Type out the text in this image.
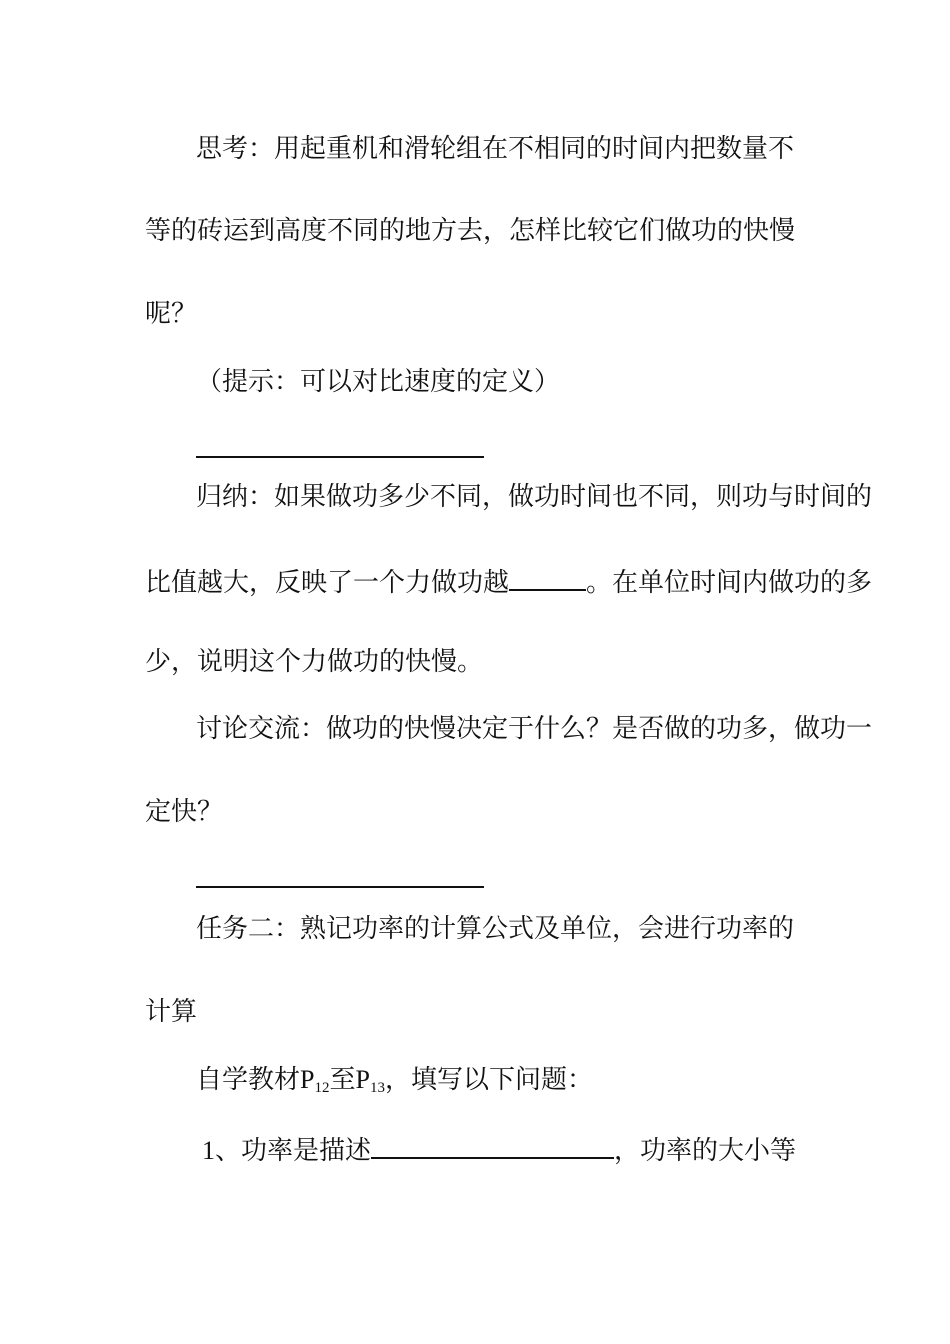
思考：用起重机和滑轮组在不相同的时间内把数量不
等的砖运到高度不同的地方去，怎样比较它们做功的快慢
呢？
（提示：可以对比速度的定义）
归纳：如果做功多少不同，做功时间也不同，则功与时间的
比值越大，反映了一个力做功越	。在单位时间内做功的多
少，说明这个力做功的快慢。
讨论交流：做功的快慢决定于什么？是否做的功多，做功一
定快？
任务二：熟记功率的计算公式及单位，会进行功率的
计算
自学教材$P_{12}$至$P_{13}$，填写以下问题：
1、功率是描述	，功率的大小等
